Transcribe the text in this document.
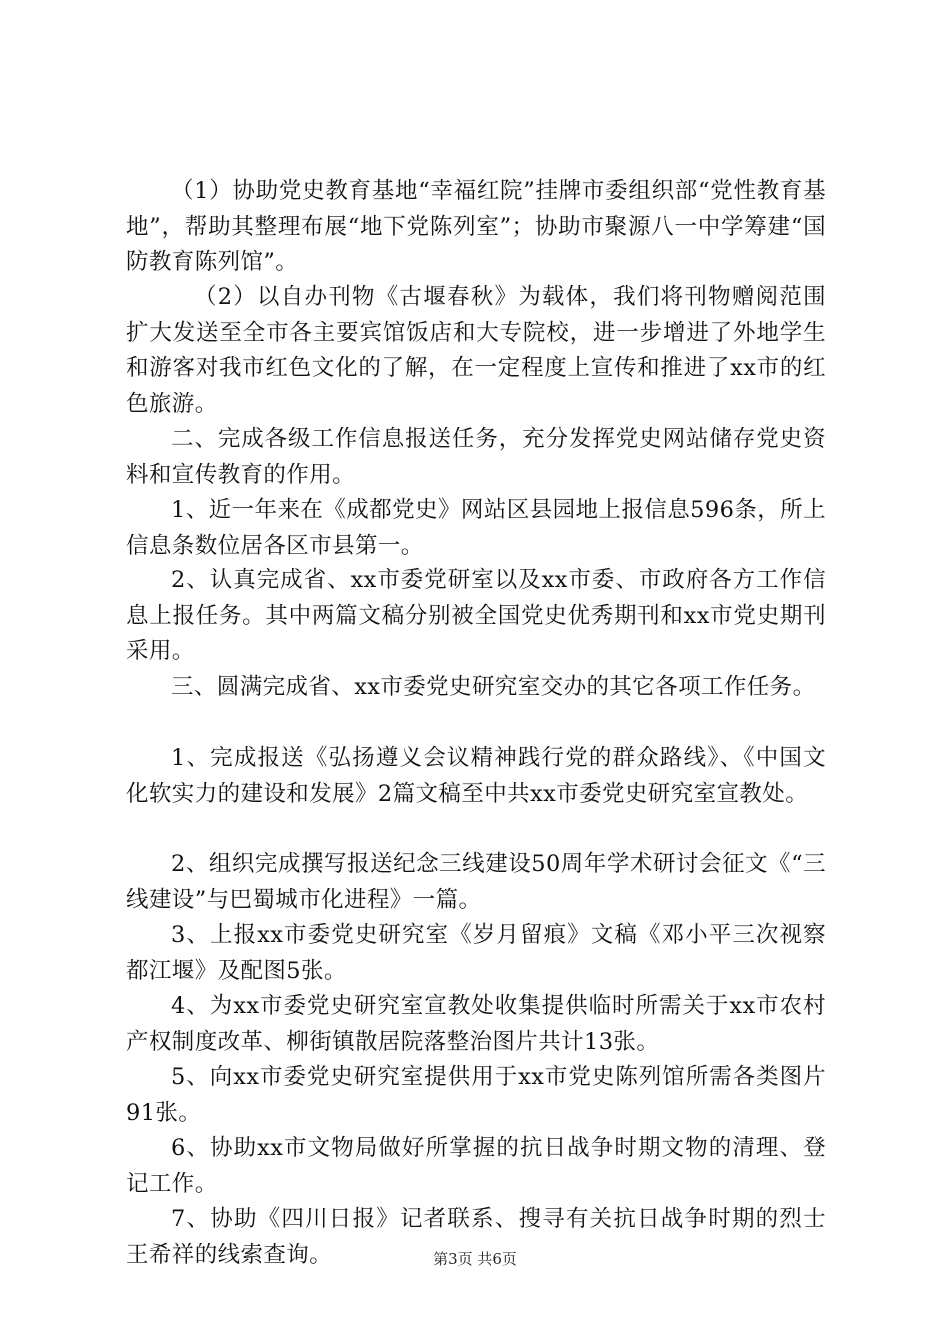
（1）协助党史教育基地“幸福红院”挂牌市委组织部“党性教育基地”，帮助其整理布展“地下党陈列室”；协助市聚源八一中学筹建“国防教育陈列馆”。

（2）以自办刊物《古堰春秋》为载体，我们将刊物赠阅范围扩大发送至全市各主要宾馆饭店和大专院校，进一步增进了外地学生和游客对我市红色文化的了解，在一定程度上宣传和推进了xx市的红色旅游。

二、完成各级工作信息报送任务，充分发挥党史网站储存党史资料和宣传教育的作用。

1、近一年来在《成都党史》网站区县园地上报信息596条，所上信息条数位居各区市县第一。

2、认真完成省、xx市委党研室以及xx市委、市政府各方工作信息上报任务。其中两篇文稿分别被全国党史优秀期刊和xx市党史期刊采用。

三、圆满完成省、xx市委党史研究室交办的其它各项工作任务。

1、完成报送《弘扬遵义会议精神践行党的群众路线》、《中国文化软实力的建设和发展》2篇文稿至中共xx市委党史研究室宣教处。

2、组织完成撰写报送纪念三线建设50周年学术研讨会征文《“三线建设”与巴蜀城市化进程》一篇。

3、上报xx市委党史研究室《岁月留痕》文稿《邓小平三次视察都江堰》及配图5张。

4、为xx市委党史研究室宣教处收集提供临时所需关于xx市农村产权制度改革、柳街镇散居院落整治图片共计13张。

5、向xx市委党史研究室提供用于xx市党史陈列馆所需各类图片91张。

6、协助xx市文物局做好所掌握的抗日战争时期文物的清理、登记工作。

7、协助《四川日报》记者联系、搜寻有关抗日战争时期的烈士王希祥的线索查询。	第3页 共6页
